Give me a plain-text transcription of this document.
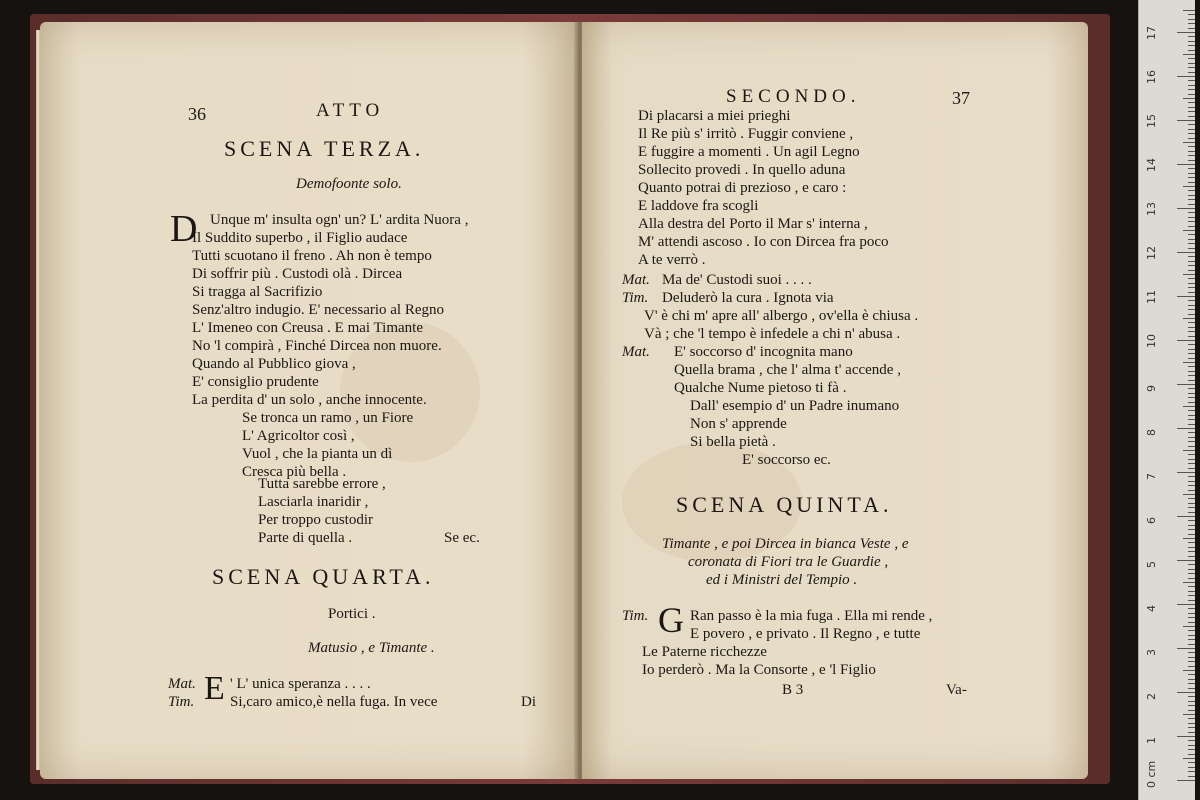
36	ATTO
SCENA TERZA.
Demofoonte solo.
D Unque m' insulta ogn' un? L' ardita Nuora ,
Il Suddito superbo , il Figlio audace
Tutti scuotano il freno . Ah non è tempo
Di soffrir più . Custodi olà . Dircea
Si tragga al Sacrifizio
Senz'altro indugio. E' necessario al Regno
L' Imeneo con Creusa . E mai Timante
No 'l compirà , Finché Dircea non muore.
Quando al Pubblico giova ,
E' consiglio prudente
La perdita d' un solo , anche innocente.
Se tronca un ramo , un Fiore
L' Agricoltor così ,
Vuol , che la pianta un dì
Cresca più bella .
Tutta sarebbe errore ,
Lasciarla inaridir ,
Per troppo custodir
Parte di quella .	Se ec.
SCENA QUARTA.
Portici .
Matusio , e Timante .
Mat.
Tim. E ' L' unica speranza . . . .
Si,caro amico,è nella fuga. In vece	Di
SECONDO.	37
Di placarsi a miei prieghi
Il Re più s' irritò . Fuggir conviene ,
E fuggire a momenti . Un agil Legno
Sollecito provedi . In quello aduna
Quanto potrai di prezioso , e caro :
E laddove fra scogli
Alla destra del Porto il Mar s' interna ,
M' attendi ascoso . Io con Dircea fra poco
A te verrò .
Mat. Ma de' Custodi suoi . . . .
Tim. Deluderò la cura . Ignota via
V' è chi m' apre all' albergo , ov'ella è chiusa .
Và ; che 'l tempo è infedele a chi n' abusa .
Mat. E' soccorso d' incognita mano
Quella brama , che l' alma t' accende ,
Qualche Nume pietoso ti fà .
Dall' esempio d' un Padre inumano
Non s' apprende
Si bella pietà .
E' soccorso ec.
SCENA QUINTA.
Timante , e poi Dircea in bianca Veste , e
coronata di Fiori tra le Guardie ,
ed i Ministri del Tempio .
Tim. G Ran passo è la mia fuga . Ella mi rende ,
E povero , e privato . Il Regno , e tutte
Le Paterne ricchezze
Io perderò . Ma la Consorte , e 'l Figlio
B 3	Va-
0 cm
1
2
3
4
5
6
7
8
9
10
11
12
13
14
15
16
17
